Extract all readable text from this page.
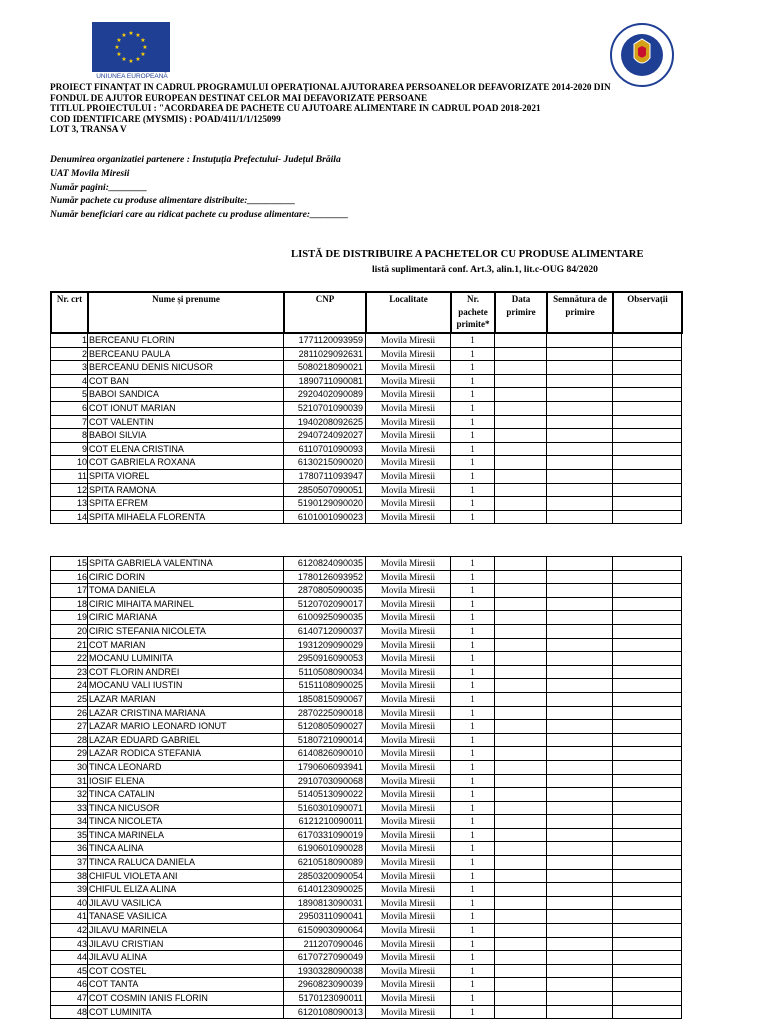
★ ★
★
★
★
★
★
★
★
★
★
★
UNIUNEA EUROPEANĂ
PROIECT FINANȚAT IN CADRUL PROGRAMULUI OPERAȚIONAL AJUTORAREA PERSOANELOR DEFAVORIZATE 2014-2020 DIN
FONDUL DE AJUTOR EUROPEAN DESTINAT CELOR MAI DEFAVORIZATE PERSOANE
TITLUL PROIECTULUI : "ACORDAREA DE PACHETE CU AJUTOARE ALIMENTARE IN CADRUL POAD 2018-2021
COD IDENTIFICARE (MYSMIS) : POAD/411/1/1/125099
LOT 3, TRANSA V
Denumirea organizatiei partenere : Instuţuția Prefectului- Județul Brăila
UAT Movila Miresii
Număr pagini:________
Număr pachete cu produse alimentare distribuite:__________
Număr beneficiari care au ridicat pachete cu produse alimentare:________
LISTĂ DE DISTRIBUIRE A PACHETELOR CU PRODUSE ALIMENTARE
listă suplimentară conf. Art.3, alin.1, lit.c-OUG 84/2020
Nr. crt	Nume și prenume	CNP	Localitate	Nr. pachete primite*	Data primire	Semnătura de primire	Observații
1	BERCEANU FLORIN	1771120093959	Movila Miresii	1			
2	BERCEANU PAULA	2811029092631	Movila Miresii	1			
3	BERCEANU DENIS NICUSOR	5080218090021	Movila Miresii	1			
4	COT BAN	1890711090081	Movila Miresii	1			
5	BABOI SANDICA	2920402090089	Movila Miresii	1			
6	COT IONUT MARIAN	5210701090039	Movila Miresii	1			
7	COT VALENTIN	1940208092625	Movila Miresii	1			
8	BABOI SILVIA	2940724092027	Movila Miresii	1			
9	COT ELENA CRISTINA	6110701090093	Movila Miresii	1			
10	COT GABRIELA ROXANA	6130215090020	Movila Miresii	1			
11	SPITA VIOREL	1780711093947	Movila Miresii	1			
12	SPITA RAMONA	2850507090051	Movila Miresii	1			
13	SPITA EFREM	5190129090020	Movila Miresii	1			
14	SPITA MIHAELA FLORENTA	6101001090023	Movila Miresii	1			
15	SPITA GABRIELA VALENTINA	6120824090035	Movila Miresii	1			
16	CIRIC DORIN	1780126093952	Movila Miresii	1			
17	TOMA DANIELA	2870805090035	Movila Miresii	1			
18	CIRIC MIHAITA MARINEL	5120702090017	Movila Miresii	1			
19	CIRIC MARIANA	6100925090035	Movila Miresii	1			
20	CIRIC STEFANIA NICOLETA	6140712090037	Movila Miresii	1			
21	COT MARIAN	1931209090029	Movila Miresii	1			
22	MOCANU LUMINITA	2950916090053	Movila Miresii	1			
23	COT FLORIN ANDREI	5110508090034	Movila Miresii	1			
24	MOCANU VALI IUSTIN	5151108090025	Movila Miresii	1			
25	LAZAR MARIAN	1850815090067	Movila Miresii	1			
26	LAZAR CRISTINA MARIANA	2870225090018	Movila Miresii	1			
27	LAZAR MARIO LEONARD IONUT	5120805090027	Movila Miresii	1			
28	LAZAR EDUARD GABRIEL	5180721090014	Movila Miresii	1			
29	LAZAR RODICA STEFANIA	6140826090010	Movila Miresii	1			
30	TINCA LEONARD	1790606093941	Movila Miresii	1			
31	IOSIF ELENA	2910703090068	Movila Miresii	1			
32	TINCA CATALIN	5140513090022	Movila Miresii	1			
33	TINCA NICUSOR	5160301090071	Movila Miresii	1			
34	TINCA NICOLETA	6121210090011	Movila Miresii	1			
35	TINCA MARINELA	6170331090019	Movila Miresii	1			
36	TINCA ALINA	6190601090028	Movila Miresii	1			
37	TINCA RALUCA DANIELA	6210518090089	Movila Miresii	1			
38	CHIFUL VIOLETA ANI	2850320090054	Movila Miresii	1			
39	CHIFUL ELIZA ALINA	6140123090025	Movila Miresii	1			
40	JILAVU VASILICA	1890813090031	Movila Miresii	1			
41	TANASE VASILICA	2950311090041	Movila Miresii	1			
42	JILAVU MARINELA	6150903090064	Movila Miresii	1			
43	JILAVU CRISTIAN	211207090046	Movila Miresii	1			
44	JILAVU ALINA	6170727090049	Movila Miresii	1			
45	COT COSTEL	1930328090038	Movila Miresii	1			
46	COT TANTA	2960823090039	Movila Miresii	1			
47	COT COSMIN IANIS FLORIN	5170123090011	Movila Miresii	1			
48	COT LUMINITA	6120108090013	Movila Miresii	1			
